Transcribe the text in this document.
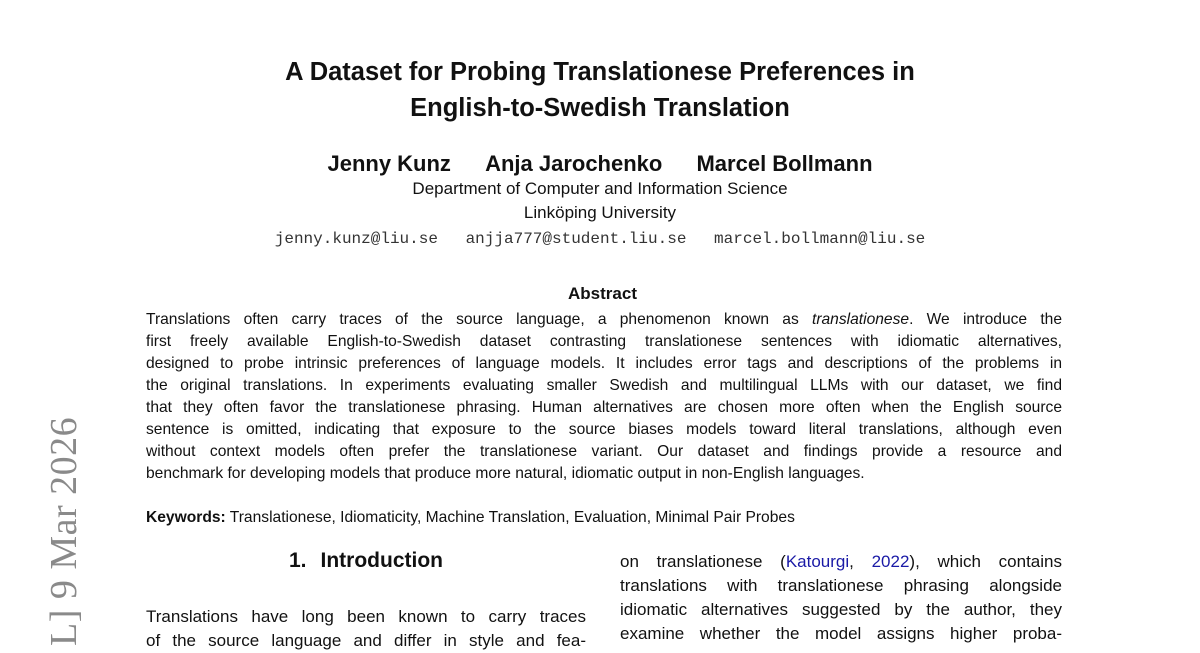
L] 9 Mar 2026
A Dataset for Probing Translationese Preferences in
English-to-Swedish Translation
Jenny Kunz Anja Jarochenko Marcel Bollmann
Department of Computer and Information Science
Linköping University
jenny.kunz@liu.se anjja777@student.liu.se marcel.bollmann@liu.se
Abstract
Translations often carry traces of the source language, a phenomenon known as translationese. We introduce the
first freely available English-to-Swedish dataset contrasting translationese sentences with idiomatic alternatives,
designed to probe intrinsic preferences of language models. It includes error tags and descriptions of the problems in
the original translations. In experiments evaluating smaller Swedish and multilingual LLMs with our dataset, we find
that they often favor the translationese phrasing. Human alternatives are chosen more often when the English source
sentence is omitted, indicating that exposure to the source biases models toward literal translations, although even
without context models often prefer the translationese variant. Our dataset and findings provide a resource and
benchmark for developing models that produce more natural, idiomatic output in non-English languages.
Keywords: Translationese, Idiomaticity, Machine Translation, Evaluation, Minimal Pair Probes
1. Introduction
Translations have long been known to carry traces
of the source language and differ in style and fea-
on translationese (Katourgi, 2022), which contains
translations with translationese phrasing alongside
idiomatic alternatives suggested by the author, they
examine whether the model assigns higher proba-
